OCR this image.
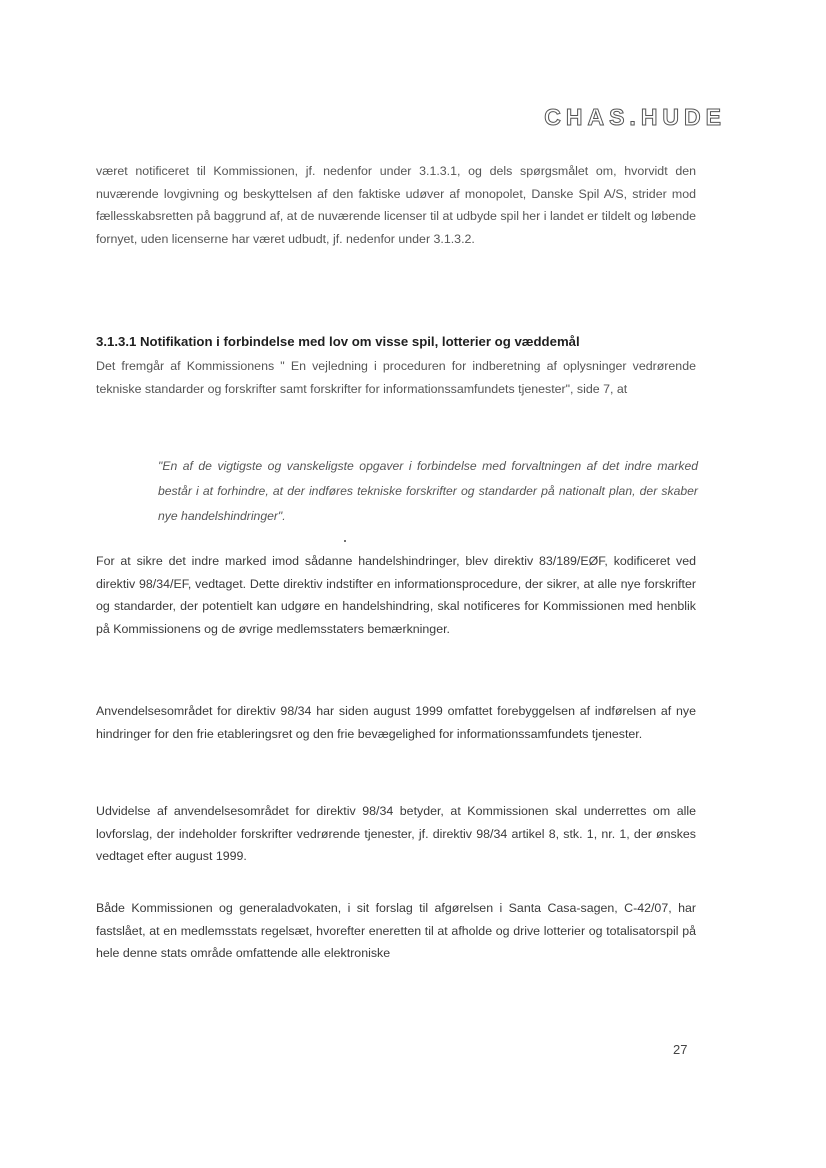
CHAS.HUDE

været notificeret til Kommissionen, jf. nedenfor under 3.1.3.1, og dels spørgsmålet om, hvorvidt den nuværende lovgivning og beskyttelsen af den faktiske udøver af monopolet, Danske Spil A/S, strider mod fællesskabsretten på baggrund af, at de nuværende licenser til at udbyde spil her i landet er tildelt og løbende fornyet, uden licenserne har været udbudt, jf. nedenfor under 3.1.3.2.

3.1.3.1 Notifikation i forbindelse med lov om visse spil, lotterier og væddemål

Det fremgår af Kommissionens " En vejledning i proceduren for indberetning af oplysninger vedrørende tekniske standarder og forskrifter samt forskrifter for informationssamfundets tjenester", side 7, at

"En af de vigtigste og vanskeligste opgaver i forbindelse med forvaltningen af det indre marked består i at forhindre, at der indføres tekniske forskrifter og standarder på nationalt plan, der skaber nye handelshindringer".

For at sikre det indre marked imod sådanne handelshindringer, blev direktiv 83/189/EØF, kodificeret ved direktiv 98/34/EF, vedtaget. Dette direktiv indstifter en informationsprocedure, der sikrer, at alle nye forskrifter og standarder, der potentielt kan udgøre en handelshindring, skal notificeres for Kommissionen med henblik på Kommissionens og de øvrige medlemsstaters bemærkninger.

Anvendelsesområdet for direktiv 98/34 har siden august 1999 omfattet forebyggelsen af indførelsen af nye hindringer for den frie etableringsret og den frie bevægelighed for informationssamfundets tjenester.

Udvidelse af anvendelsesområdet for direktiv 98/34 betyder, at Kommissionen skal underrettes om alle lovforslag, der indeholder forskrifter vedrørende tjenester, jf. direktiv 98/34 artikel 8, stk. 1, nr. 1, der ønskes vedtaget efter august 1999.

Både Kommissionen og generaladvokaten, i sit forslag til afgørelsen i Santa Casa-sagen, C-42/07, har fastslået, at en medlemsstats regelsæt, hvorefter eneretten til at afholde og drive lotterier og totalisatorspil på hele denne stats område omfattende alle elektroniske

27
